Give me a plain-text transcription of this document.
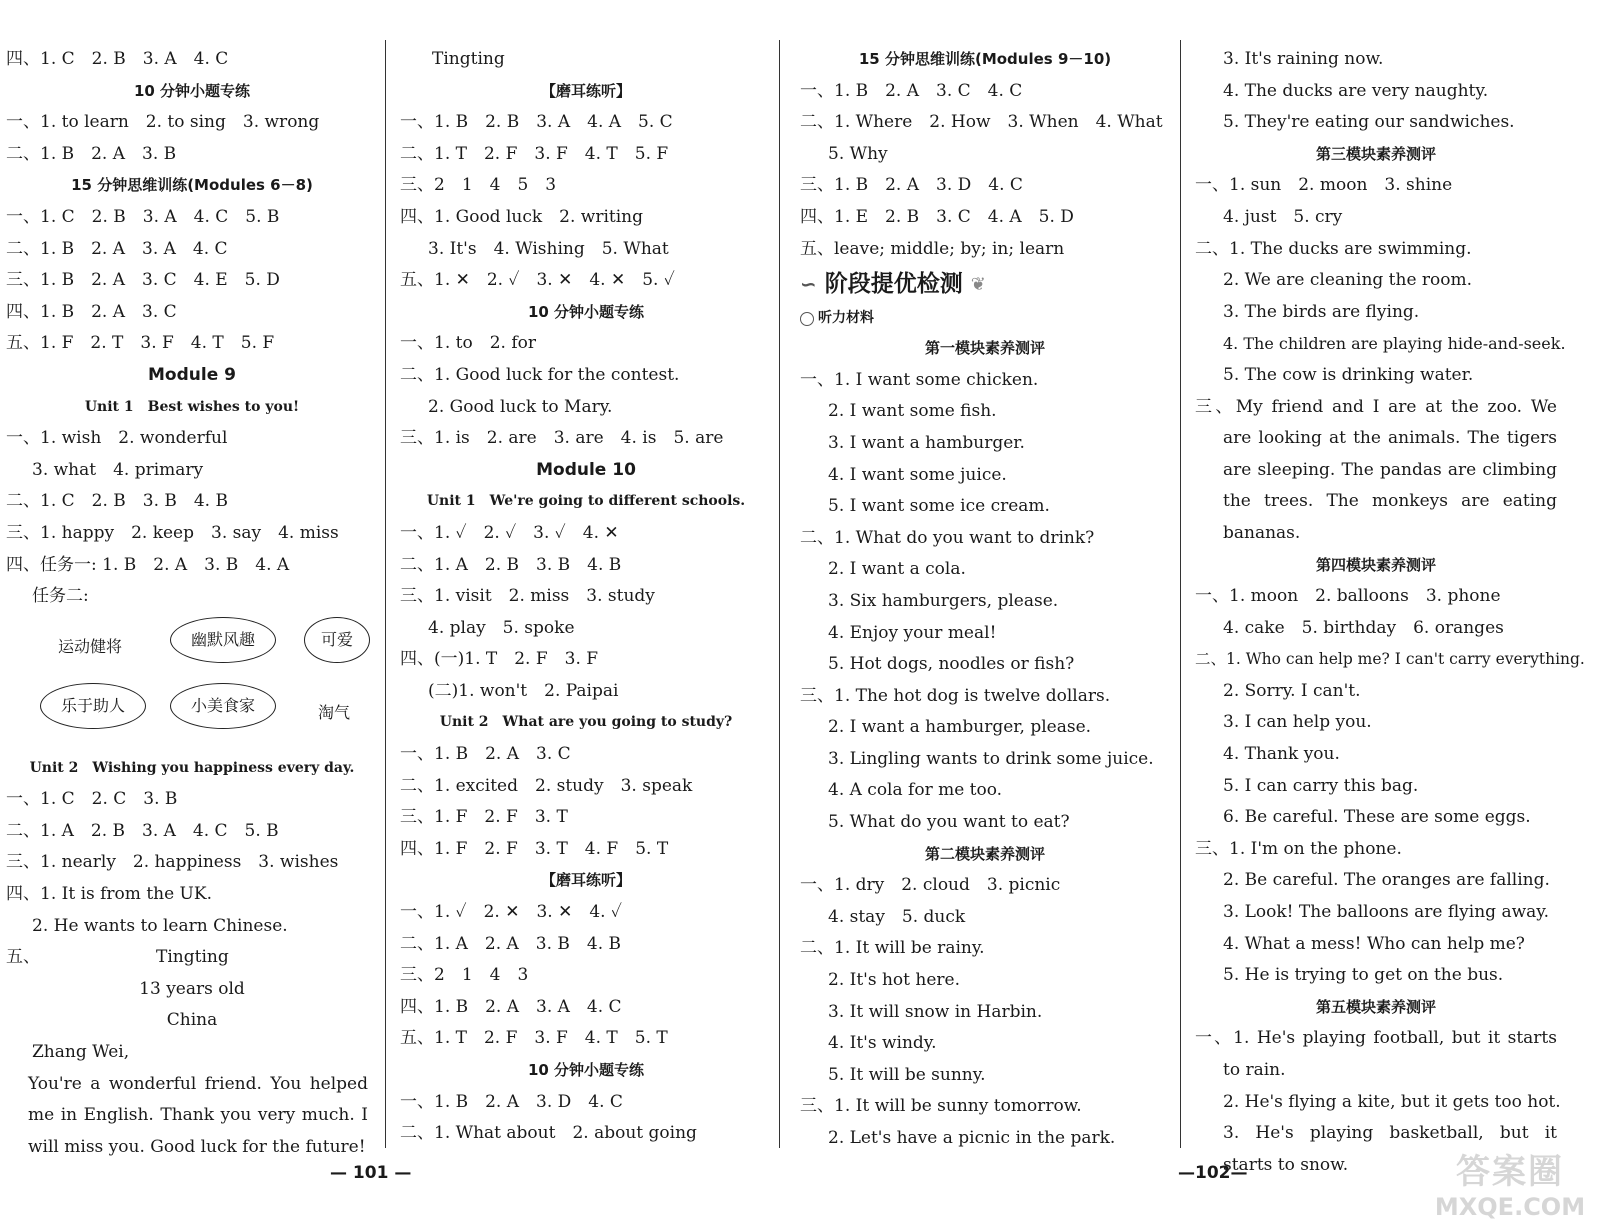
四、1. C　2. B　3. A　4. C
10 分钟小题专练
一、1. to learn　2. to sing　3. wrong
二、1. B　2. A　3. B
15 分钟思维训练(Modules 6－8)
一、1. C　2. B　3. A　4. C　5. B
二、1. B　2. A　3. A　4. C
三、1. B　2. A　3. C　4. E　5. D
四、1. B　2. A　3. C
五、1. F　2. T　3. F　4. T　5. F
Module 9
Unit 1　Best wishes to you!
一、1. wish　2. wonderful
3. what　4. primary
二、1. C　2. B　3. B　4. B
三、1. happy　2. keep　3. say　4. miss
四、任务一: 1. B　2. A　3. B　4. A
任务二:
运动健将	幽默风趣	可爱
乐于助人	小美食家	淘气
Unit 2　Wishing you happiness every day.
一、1. C　2. C　3. B
二、1. A　2. B　3. A　4. C　5. B
三、1. nearly　2. happiness　3. wishes
四、1. It is from the UK.
2. He wants to learn Chinese.
五、	Tingting
13 years old
China
Zhang Wei,
You're a wonderful friend. You helped me in English. Thank you very much. I will miss you. Good luck for the future!
Tingting
【磨耳练听】
一、1. B　2. B　3. A　4. A　5. C
二、1. T　2. F　3. F　4. T　5. F
三、2　1　4　5　3
四、1. Good luck　2. writing
3. It's　4. Wishing　5. What
五、1. ✕　2. ✓　3. ✕　4. ✕　5. ✓
10 分钟小题专练
一、1. to　2. for
二、1. Good luck for the contest.
2. Good luck to Mary.
三、1. is　2. are　3. are　4. is　5. are
Module 10
Unit 1　We're going to different schools.
一、1. ✓　2. ✓　3. ✓　4. ✕
二、1. A　2. B　3. B　4. B
三、1. visit　2. miss　3. study
4. play　5. spoke
四、(一)1. T　2. F　3. F
(二)1. won't　2. Paipai
Unit 2　What are you going to study?
一、1. B　2. A　3. C
二、1. excited　2. study　3. speak
三、1. F　2. F　3. T
四、1. F　2. F　3. T　4. F　5. T
【磨耳练听】
一、1. ✓　2. ✕　3. ✕　4. ✓
二、1. A　2. A　3. B　4. B
三、2　1　4　3
四、1. B　2. A　3. A　4. C
五、1. T　2. F　3. F　4. T　5. T
10 分钟小题专练
一、1. B　2. A　3. D　4. C
二、1. What about　2. about going
15 分钟思维训练(Modules 9－10)
一、1. B　2. A　3. C　4. C
二、1. Where　2. How　3. When　4. What
5. Why
三、1. B　2. A　3. D　4. C
四、1. E　2. B　3. C　4. A　5. D
五、leave; middle; by; in; learn
∽ 阶段提优检测 ❦
听力材料
第一模块素养测评
一、1. I want some chicken.
2. I want some fish.
3. I want a hamburger.
4. I want some juice.
5. I want some ice cream.
二、1. What do you want to drink?
2. I want a cola.
3. Six hamburgers, please.
4. Enjoy your meal!
5. Hot dogs, noodles or fish?
三、1. The hot dog is twelve dollars.
2. I want a hamburger, please.
3. Lingling wants to drink some juice.
4. A cola for me too.
5. What do you want to eat?
第二模块素养测评
一、1. dry　2. cloud　3. picnic
4. stay　5. duck
二、1. It will be rainy.
2. It's hot here.
3. It will snow in Harbin.
4. It's windy.
5. It will be sunny.
三、1. It will be sunny tomorrow.
2. Let's have a picnic in the park.
3. It's raining now.
4. The ducks are very naughty.
5. They're eating our sandwiches.
第三模块素养测评
一、1. sun　2. moon　3. shine
4. just　5. cry
二、1. The ducks are swimming.
2. We are cleaning the room.
3. The birds are flying.
4. The children are playing hide-and-seek.
5. The cow is drinking water.
三、My friend and I are at the zoo. We are looking at the animals. The tigers are sleeping. The pandas are climbing the trees. The monkeys are eating bananas.
第四模块素养测评
一、1. moon　2. balloons　3. phone
4. cake　5. birthday　6. oranges
二、1. Who can help me? I can't carry everything.
2. Sorry. I can't.
3. I can help you.
4. Thank you.
5. I can carry this bag.
6. Be careful. These are some eggs.
三、1. I'm on the phone.
2. Be careful. The oranges are falling.
3. Look! The balloons are flying away.
4. What a mess! Who can help me?
5. He is trying to get on the bus.
第五模块素养测评
一、1. He's playing football, but it starts to rain.
2. He's flying a kite, but it gets too hot.
3. He's playing basketball, but it starts to snow.
— 101 —	—102—	答案圈
MXQE.COM
